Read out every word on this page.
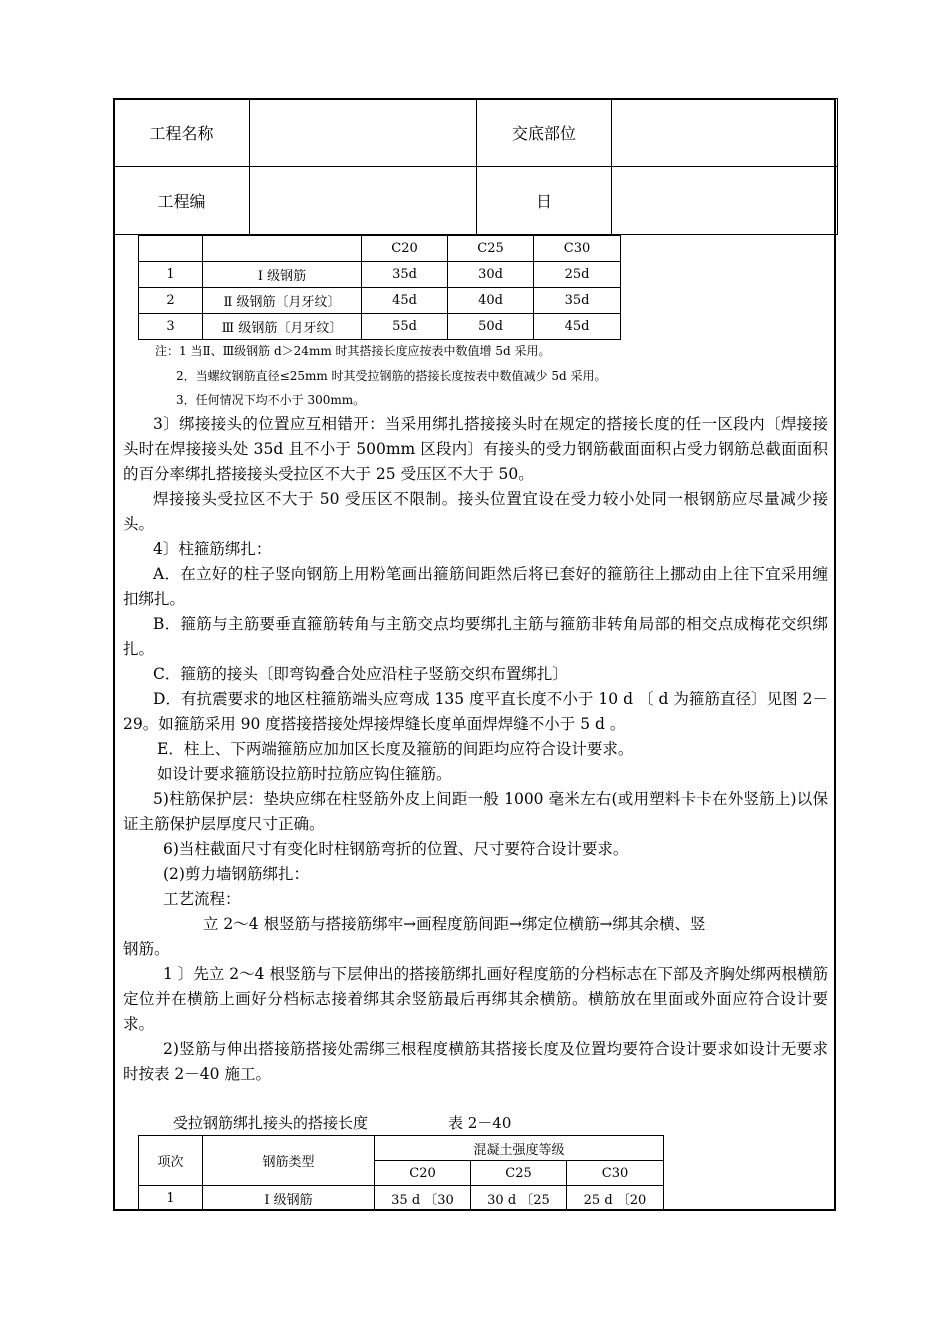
工程名称		交底部位	
工程编		日	
		C20	C25	C30
1	I 级钢筋	35d	30d	25d
2	Ⅱ 级钢筋〔月牙纹〕	45d	40d	35d
3	Ⅲ 级钢筋〔月牙纹〕	55d	50d	45d
注：1 当Ⅱ、Ⅲ级钢筋 d＞24mm 时其搭接长度应按表中数值增 5d 采用。
2．当螺纹钢筋直径≤25mm 时其受拉钢筋的搭接长度按表中数值减少 5d 采用。
3．任何情况下均不小于 300mm。

3〕绑接接头的位置应互相错开：当采用绑扎搭接接头时在规定的搭接长度的任一区段内〔焊接接头时在焊接接头处 35d 且不小于 500mm 区段内〕有接头的受力钢筋截面面积占受力钢筋总截面面积的百分率绑扎搭接接头受拉区不大于 25 受压区不大于 50。

焊接接头受拉区不大于 50 受压区不限制。接头位置宜设在受力较小处同一根钢筋应尽量减少接头。

4〕柱箍筋绑扎：

A．在立好的柱子竖向钢筋上用粉笔画出箍筋间距然后将已套好的箍筋往上挪动由上往下宜采用缠扣绑扎。

B．箍筋与主筋要垂直箍筋转角与主筋交点均要绑扎主筋与箍筋非转角局部的相交点成梅花交织绑扎。

C．箍筋的接头〔即弯钩叠合处应沿柱子竖筋交织布置绑扎〕

D．有抗震要求的地区柱箍筋端头应弯成 135 度平直长度不小于 10 d 〔 d 为箍筋直径〕见图 2－29。如箍筋采用 90 度搭接搭接处焊接焊缝长度单面焊焊缝不小于 5 d 。

E．柱上、下两端箍筋应加加区长度及箍筋的间距均应符合设计要求。

如设计要求箍筋设拉筋时拉筋应钩住箍筋。

5)柱筋保护层：垫块应绑在柱竖筋外皮上间距一般 1000 毫米左右(或用塑料卡卡在外竖筋上)以保证主筋保护层厚度尺寸正确。

6)当柱截面尺寸有变化时柱钢筋弯折的位置、尺寸要符合设计要求。

(2)剪力墙钢筋绑扎：

工艺流程：

立 2～4 根竖筋与搭接筋绑牢→画程度筋间距→绑定位横筋→绑其余横、竖

钢筋。

1 〕先立 2～4 根竖筋与下层伸出的搭接筋绑扎画好程度筋的分档标志在下部及齐胸处绑两根横筋定位并在横筋上画好分档标志接着绑其余竖筋最后再绑其余横筋。横筋放在里面或外面应符合设计要求。

2)竖筋与伸出搭接筋搭接处需绑三根程度横筋其搭接长度及位置均要符合设计要求如设计无要求时按表 2－40 施工。

受拉钢筋绑扎接头的搭接长度	表 2－40
项次	钢筋类型	混凝土强度等级		
		C20	C25	C30
1	I 级钢筋	35 d 〔30	30 d 〔25	25 d 〔20
